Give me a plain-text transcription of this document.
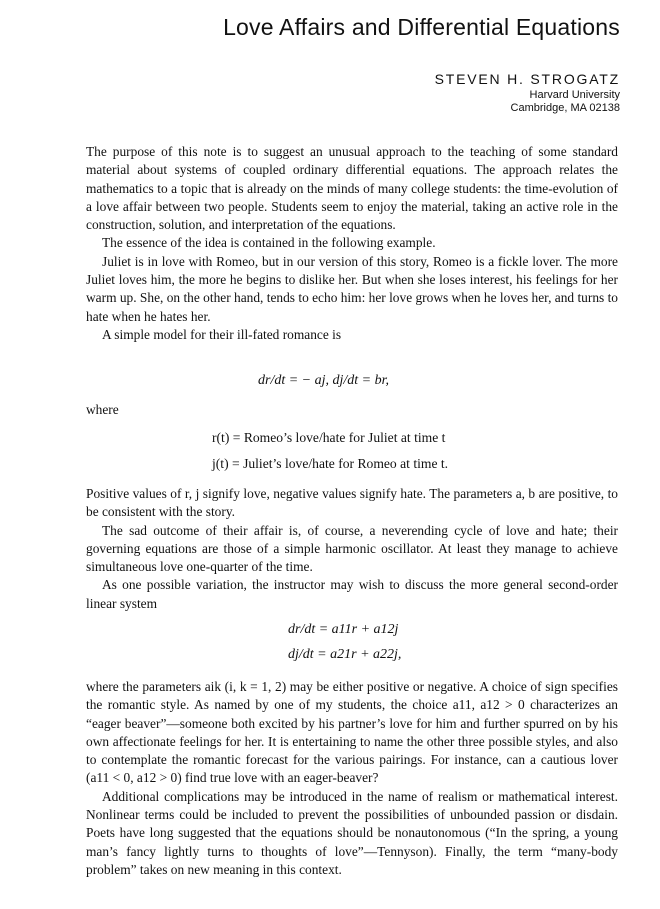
Love Affairs and Differential Equations
STEVEN H. STROGATZ
Harvard University
Cambridge, MA 02138

The purpose of this note is to suggest an unusual approach to the teaching of some standard material about systems of coupled ordinary differential equations. The approach relates the mathematics to a topic that is already on the minds of many college students: the time-evolution of a love affair between two people. Students seem to enjoy the material, taking an active role in the construction, solution, and interpretation of the equations.

The essence of the idea is contained in the following example.

Juliet is in love with Romeo, but in our version of this story, Romeo is a fickle lover. The more Juliet loves him, the more he begins to dislike her. But when she loses interest, his feelings for her warm up. She, on the other hand, tends to echo him: her love grows when he loves her, and turns to hate when he hates her.

A simple model for their ill-fated romance is

dr/dt = − aj, dj/dt = br,
where
r(t) = Romeo’s love/hate for Juliet at time t
j(t) = Juliet’s love/hate for Romeo at time t.

Positive values of r, j signify love, negative values signify hate. The parameters a, b are positive, to be consistent with the story.

The sad outcome of their affair is, of course, a neverending cycle of love and hate; their governing equations are those of a simple harmonic oscillator. At least they manage to achieve simultaneous love one-quarter of the time.

As one possible variation, the instructor may wish to discuss the more general second-order linear system

dr/dt = a11r + a12j
dj/dt = a21r + a22j,

where the parameters aik (i, k = 1, 2) may be either positive or negative. A choice of sign specifies the romantic style. As named by one of my students, the choice a11, a12 > 0 characterizes an “eager beaver”—someone both excited by his partner’s love for him and further spurred on by his own affectionate feelings for her. It is entertaining to name the other three possible styles, and also to contemplate the romantic forecast for the various pairings. For instance, can a cautious lover (a11 < 0, a12 > 0) find true love with an eager-beaver?

Additional complications may be introduced in the name of realism or mathematical interest. Nonlinear terms could be included to prevent the possibilities of unbounded passion or disdain. Poets have long suggested that the equations should be nonautonomous (“In the spring, a young man’s fancy lightly turns to thoughts of love”—Tennyson). Finally, the term “many-body problem” takes on new meaning in this context.
